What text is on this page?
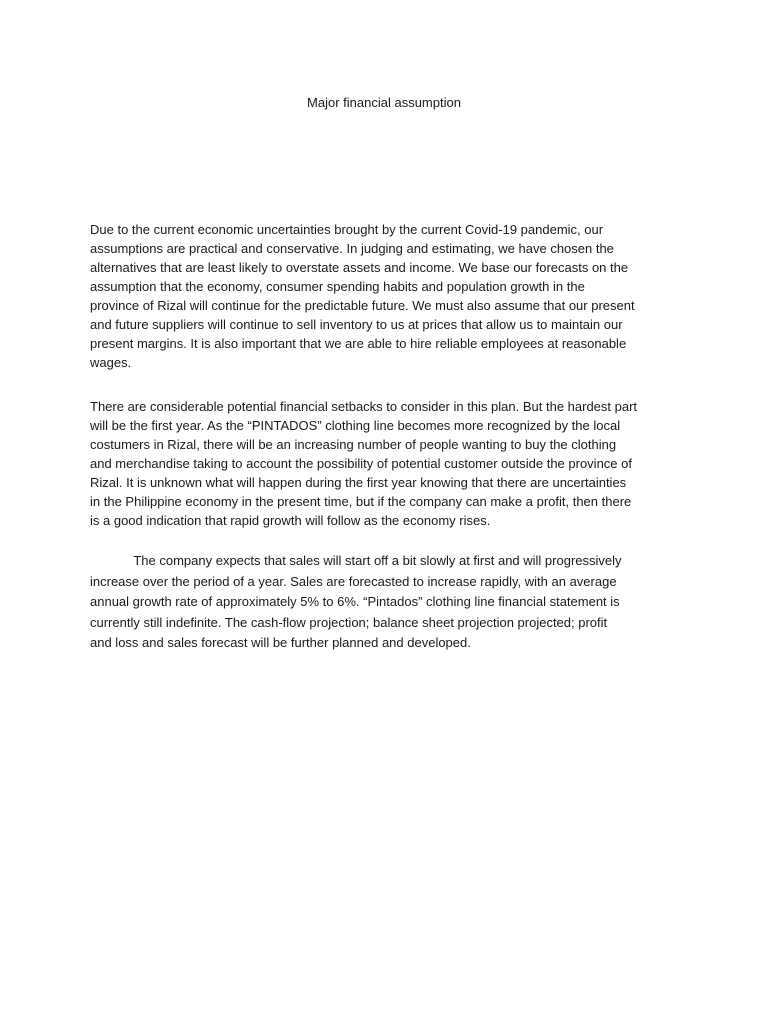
Major financial assumption

Due to the current economic uncertainties brought by the current Covid-19 pandemic, our
assumptions are practical and conservative. In judging and estimating, we have chosen the
alternatives that are least likely to overstate assets and income. We base our forecasts on the
assumption that the economy, consumer spending habits and population growth in the
province of Rizal will continue for the predictable future. We must also assume that our present
and future suppliers will continue to sell inventory to us at prices that allow us to maintain our
present margins. It is also important that we are able to hire reliable employees at reasonable
wages.

There are considerable potential financial setbacks to consider in this plan. But the hardest part
will be the first year. As the “PINTADOS” clothing line becomes more recognized by the local
costumers in Rizal, there will be an increasing number of people wanting to buy the clothing
and merchandise taking to account the possibility of potential customer outside the province of
Rizal. It is unknown what will happen during the first year knowing that there are uncertainties
in the Philippine economy in the present time, but if the company can make a profit, then there
is a good indication that rapid growth will follow as the economy rises.

The company expects that sales will start off a bit slowly at first and will progressively
increase over the period of a year. Sales are forecasted to increase rapidly, with an average
annual growth rate of approximately 5% to 6%. “Pintados” clothing line financial statement is
currently still indefinite. The cash-flow projection; balance sheet projection projected; profit
and loss and sales forecast will be further planned and developed.
